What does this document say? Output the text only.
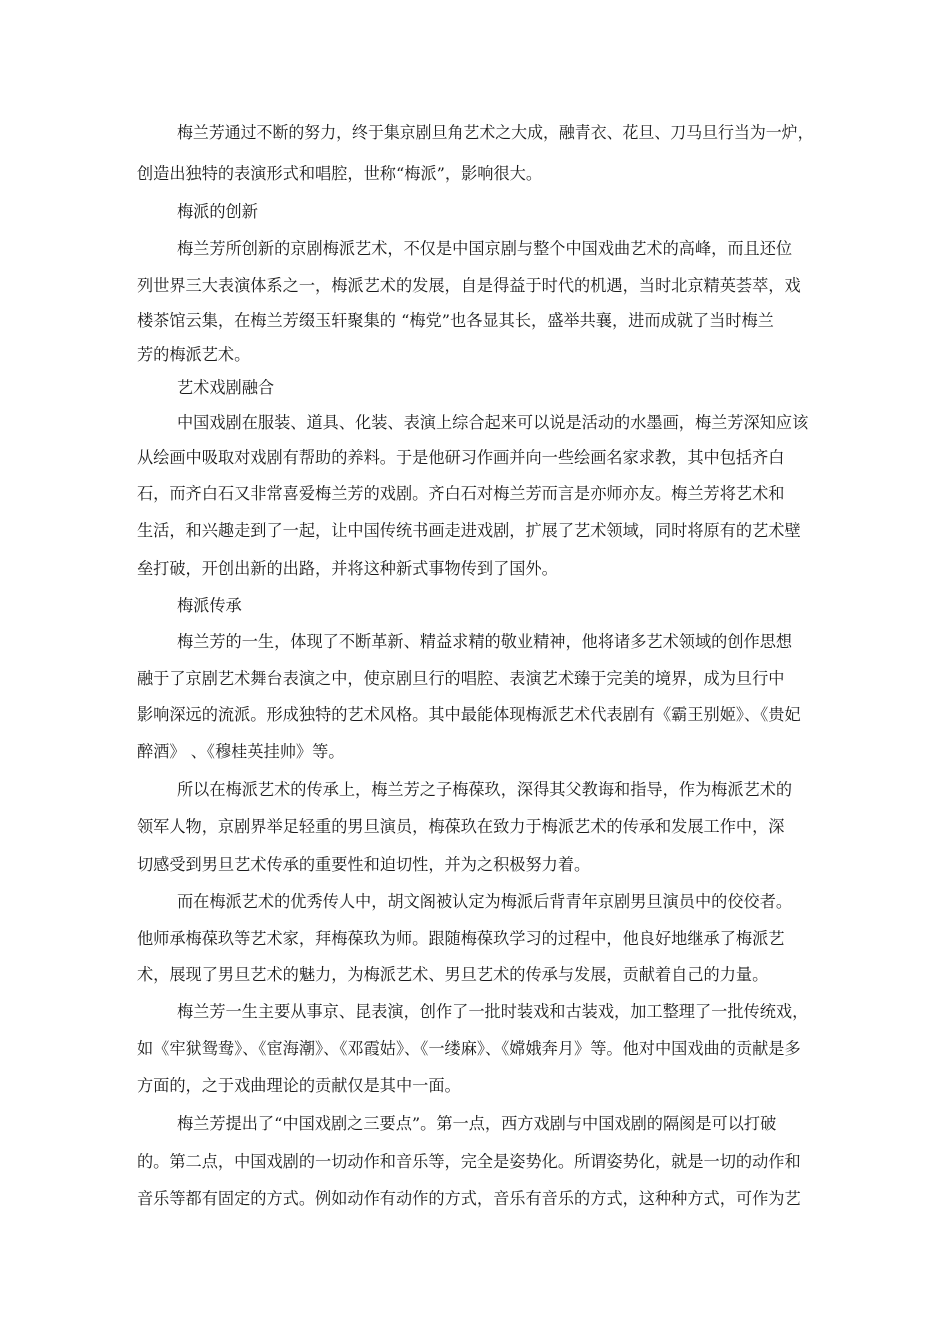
梅兰芳通过不断的努力，终于集京剧旦角艺术之大成，融青衣、花旦、刀马旦行当为一炉，
创造出独特的表演形式和唱腔，世称“梅派”，影响很大。
梅派的创新
梅兰芳所创新的京剧梅派艺术，不仅是中国京剧与整个中国戏曲艺术的高峰，而且还位
列世界三大表演体系之一，梅派艺术的发展，自是得益于时代的机遇，当时北京精英荟萃，戏
楼茶馆云集，在梅兰芳缀玉轩聚集的 “梅党”也各显其长，盛举共襄，进而成就了当时梅兰
芳的梅派艺术。
艺术戏剧融合
中国戏剧在服装、道具、化装、表演上综合起来可以说是活动的水墨画，梅兰芳深知应该
从绘画中吸取对戏剧有帮助的养料。于是他研习作画并向一些绘画名家求教，其中包括齐白
石，而齐白石又非常喜爱梅兰芳的戏剧。齐白石对梅兰芳而言是亦师亦友。梅兰芳将艺术和
生活，和兴趣走到了一起，让中国传统书画走进戏剧，扩展了艺术领域，同时将原有的艺术壁
垒打破，开创出新的出路，并将这种新式事物传到了国外。
梅派传承
梅兰芳的一生，体现了不断革新、精益求精的敬业精神，他将诸多艺术领域的创作思想
融于了京剧艺术舞台表演之中，使京剧旦行的唱腔、表演艺术臻于完美的境界，成为旦行中
影响深远的流派。形成独特的艺术风格。其中最能体现梅派艺术代表剧有《霸王别姬》、《贵妃
醉酒》 、《穆桂英挂帅》等。
所以在梅派艺术的传承上，梅兰芳之子梅葆玖，深得其父教诲和指导，作为梅派艺术的
领军人物，京剧界举足轻重的男旦演员，梅葆玖在致力于梅派艺术的传承和发展工作中，深
切感受到男旦艺术传承的重要性和迫切性，并为之积极努力着。
而在梅派艺术的优秀传人中，胡文阁被认定为梅派后背青年京剧男旦演员中的佼佼者。
他师承梅葆玖等艺术家，拜梅葆玖为师。跟随梅葆玖学习的过程中，他良好地继承了梅派艺
术，展现了男旦艺术的魅力，为梅派艺术、男旦艺术的传承与发展，贡献着自己的力量。
梅兰芳一生主要从事京、昆表演，创作了一批时装戏和古装戏，加工整理了一批传统戏，
如《牢狱鸳鸯》、《宦海潮》、《邓霞姑》、《一缕麻》、《嫦娥奔月》等。他对中国戏曲的贡献是多
方面的，之于戏曲理论的贡献仅是其中一面。
梅兰芳提出了“中国戏剧之三要点”。第一点，西方戏剧与中国戏剧的隔阂是可以打破
的。第二点，中国戏剧的一切动作和音乐等，完全是姿势化。所谓姿势化，就是一切的动作和
音乐等都有固定的方式。例如动作有动作的方式，音乐有音乐的方式，这种种方式，可作为艺
